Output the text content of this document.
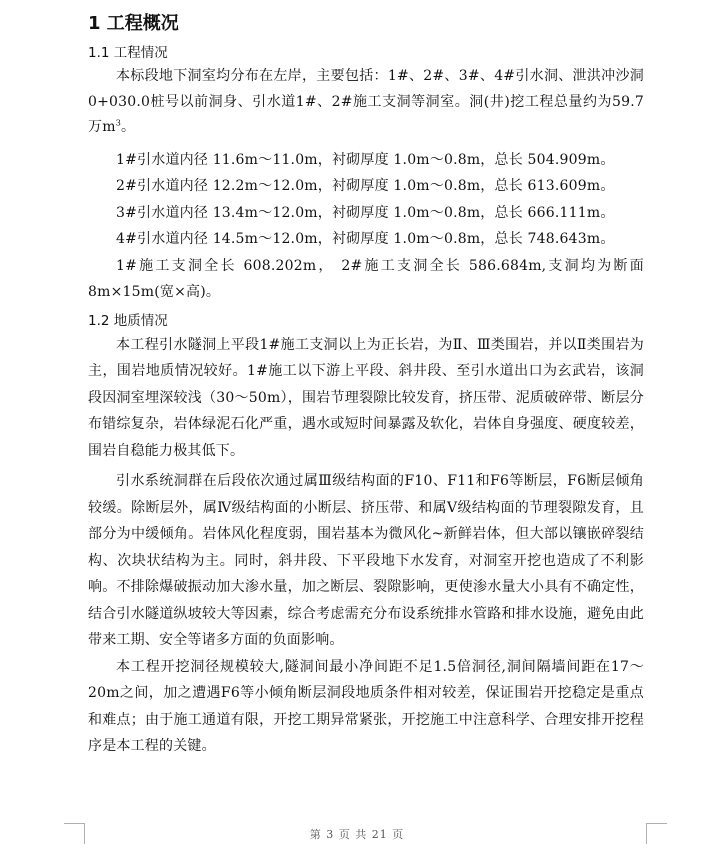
1 工程概况
1.1 工程情况

本标段地下洞室均分布在左岸，主要包括：1#、2#、3#、4#引水洞、泄洪冲沙洞0+030.0桩号以前洞身、引水道1#、2#施工支洞等洞室。洞(井)挖工程总量约为59.7万$m^3$。

1#引水道内径 11.6m～11.0m，衬砌厚度 1.0m～0.8m，总长 504.909m。

2#引水道内径 12.2m～12.0m，衬砌厚度 1.0m～0.8m，总长 613.609m。

3#引水道内径 13.4m～12.0m，衬砌厚度 1.0m～0.8m，总长 666.111m。

4#引水道内径 14.5m～12.0m，衬砌厚度 1.0m～0.8m，总长 748.643m。

1#施工支洞全长 608.202m， 2#施工支洞全长 586.684m,支洞均为断面 8m×15m(宽×高)。

1.2 地质情况

本工程引水隧洞上平段1#施工支洞以上为正长岩，为Ⅱ、Ⅲ类围岩，并以Ⅱ类围岩为主，围岩地质情况较好。1#施工以下游上平段、斜井段、至引水道出口为玄武岩，该洞段因洞室埋深较浅（30～50m），围岩节理裂隙比较发育，挤压带、泥质破碎带、断层分布错综复杂，岩体绿泥石化严重，遇水或短时间暴露及软化，岩体自身强度、硬度较差，围岩自稳能力极其低下。

引水系统洞群在后段依次通过属Ⅲ级结构面的F10、F11和F6等断层，F6断层倾角较缓。除断层外，属Ⅳ级结构面的小断层、挤压带、和属Ⅴ级结构面的节理裂隙发育，且部分为中缓倾角。岩体风化程度弱，围岩基本为微风化~新鲜岩体，但大部以镶嵌碎裂结构、次块状结构为主。同时，斜井段、下平段地下水发育，对洞室开挖也造成了不利影响。不排除爆破振动加大渗水量，加之断层、裂隙影响，更使渗水量大小具有不确定性，结合引水隧道纵坡较大等因素，综合考虑需充分布设系统排水管路和排水设施，避免由此带来工期、安全等诸多方面的负面影响。

本工程开挖洞径规模较大,隧洞间最小净间距不足1.5倍洞径,洞间隔墙间距在17～20m之间，加之遭遇F6等小倾角断层洞段地质条件相对较差，保证围岩开挖稳定是重点和难点；由于施工通道有限，开挖工期异常紧张，开挖施工中注意科学、合理安排开挖程序是本工程的关键。

第 3 页 共 21 页
